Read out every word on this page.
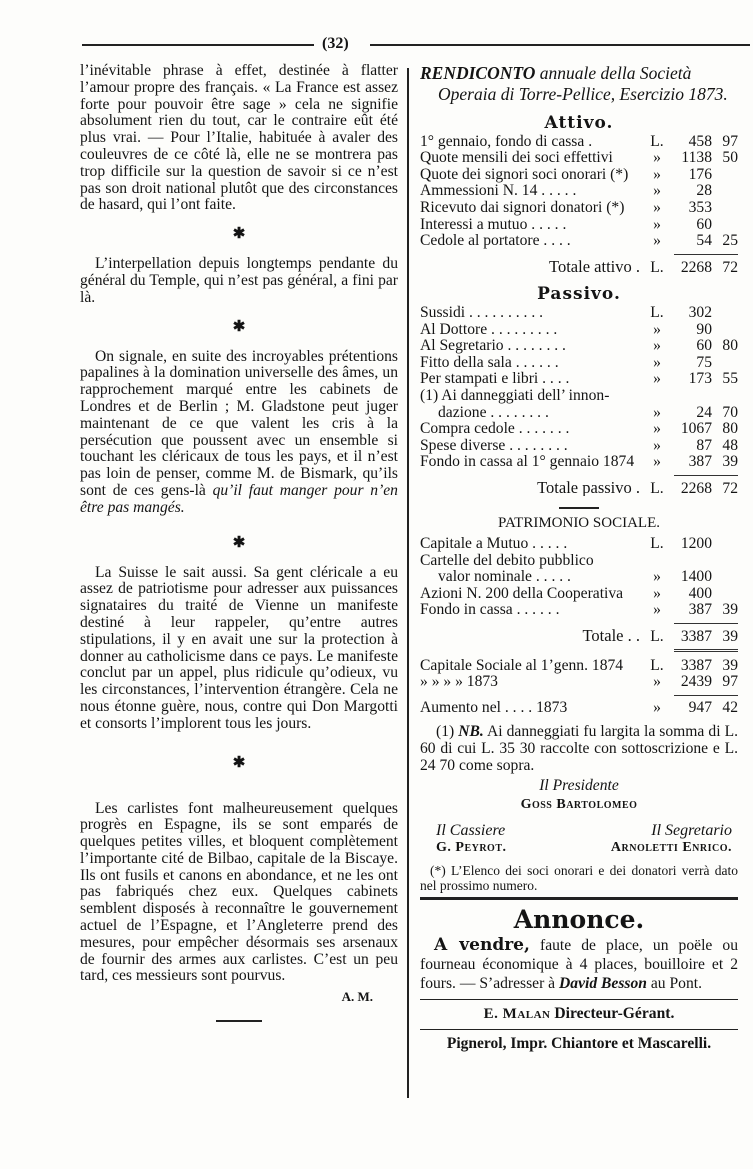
(32)

l’inévitable phrase à effet, destinée à flatter l’amour propre des français. « La France est assez forte pour pouvoir être sage » cela ne signifie absolument rien du tout, car le contraire eût été plus vrai. — Pour l’Italie, habituée à avaler des couleuvres de ce côté là, elle ne se montrera pas trop difficile sur la question de savoir si ce n’est pas son droit national plutôt que des circonstances de hasard, qui l’ont faite.

✱

L’interpellation depuis longtemps pendante du général du Temple, qui n’est pas général, a fini par là.

✱

On signale, en suite des incroyables prétentions papalines à la domination universelle des âmes, un rapprochement marqué entre les cabinets de Londres et de Berlin ; M. Gladstone peut juger maintenant de ce que valent les cris à la persécution que poussent avec un ensemble si touchant les cléricaux de tous les pays, et il n’est pas loin de penser, comme M. de Bismark, qu’ils sont de ces gens-là qu’il faut manger pour n’en être pas mangés.

✱

La Suisse le sait aussi. Sa gent cléricale a eu assez de patriotisme pour adresser aux puissances signataires du traité de Vienne un manifeste destiné à leur rappeler, qu’entre autres stipulations, il y en avait une sur la protection à donner au catholicisme dans ce pays. Le manifeste conclut par un appel, plus ridicule qu’odieux, vu les circonstances, l’intervention étrangère. Cela ne nous étonne guère, nous, contre qui Don Margotti et consorts l’implorent tous les jours.

✱

Les carlistes font malheureusement quelques progrès en Espagne, ils se sont emparés de quelques petites villes, et bloquent complètement l’importante cité de Bilbao, capitale de la Biscaye. Ils ont fusils et canons en abondance, et ne les ont pas fabriqués chez eux. Quelques cabinets semblent disposés à reconnaître le gouvernement actuel de l’Espagne, et l’Angleterre prend des mesures, pour empêcher désormais ses arsenaux de fournir des armes aux carlistes. C’est un peu tard, ces messieurs sont pourvus.

A. M.
RENDICONTO annuale della Società Operaia di Torre-Pellice, Esercizio 1873.
Attivo.
1° gennaio, fondo di cassa .	L.	458 97
Quote mensili dei soci effettivi	»	1138 50
Quote dei signori soci onorari (*)	»	176
Ammessioni N. 14 . . . . .	»	28
Ricevuto dai signori donatori (*)	»	353
Interessi a mutuo . . . . .	»	60
Cedole al portatore . . . .	»	54 25
Totale attivo . L.	2268 72
Passivo.
Sussidi . . . . . . . . . .	L.	302
Al Dottore . . . . . . . . .	»	90
Al Segretario . . . . . . . .	»	60 80
Fitto della sala . . . . . .	»	75
Per stampati e libri . . . .	»	173 55
(1) Ai danneggiati dell’ innon-
dazione . . . . . . . .	»	24 70
Compra cedole . . . . . . .	»	1067 80
Spese diverse . . . . . . . .	»	87 48
Fondo in cassa al 1° gennaio 1874	»	387 39
Totale passivo . L.	2268 72
PATRIMONIO SOCIALE.
Capitale a Mutuo . . . . .	L.	1200
Cartelle del debito pubblico
valor nominale . . . . .	»	1400
Azioni N. 200 della Cooperativa	»	400
Fondo in cassa . . . . . .	»	387 39
Totale . . L.	3387 39
Capitale Sociale al 1’genn. 1874	L.	3387 39
» » » » 1873	»	2439 97
Aumento nel . . . . 1873	»	947 42
(1) NB. Ai danneggiati fu largita la somma di L. 60 di cui L. 35 30 raccolte con sottoscrizione e L. 24 70 come sopra.
Il Presidente
Goss Bartolomeo
Il Cassiere	Il Segretario
G. Peyrot.	Arnoletti Enrico.
(*) L’Elenco dei soci onorari e dei donatori verrà dato nel prossimo numero.
Annonce.
A vendre, faute de place, un poële ou fourneau économique à 4 places, bouilloire et 2 fours. — S’adresser à David Besson au Pont.
E. Malan Directeur-Gérant.
Pignerol, Impr. Chiantore et Mascarelli.
